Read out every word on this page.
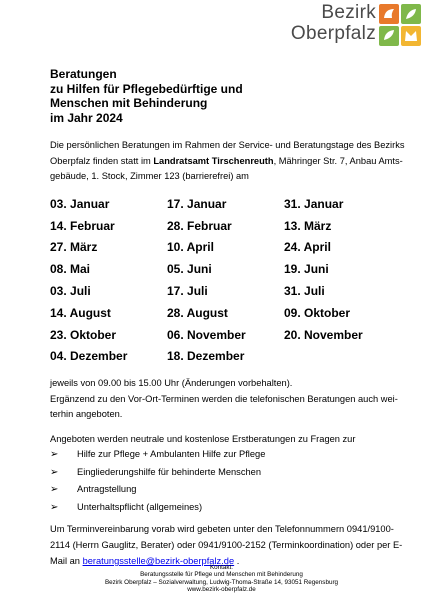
Bezirk
Oberpfalz
Beratungen
zu Hilfen für Pflegebedürftige und
Menschen mit Behinderung
im Jahr 2024
Die persönlichen Beratungen im Rahmen der Service- und Beratungstage des Bezirks Oberpfalz finden statt im Landratsamt Tirschenreuth, Mähringer Str. 7, Anbau Amts-gebäude, 1. Stock, Zimmer 123 (barrierefrei) am
03. Januar	17. Januar	31. Januar
14. Februar	28. Februar	13. März
27. März	10. April	24. April
08. Mai	05. Juni	19. Juni
03. Juli	17. Juli	31. Juli
14. August	28. August	09. Oktober
23. Oktober	06. November	20. November
04. Dezember	18. Dezember
jeweils von 09.00 bis 15.00 Uhr (Änderungen vorbehalten).
Ergänzend zu den Vor-Ort-Terminen werden die telefonischen Beratungen auch wei-
terhin angeboten.
Angeboten werden neutrale und kostenlose Erstberatungen zu Fragen zur
➢	Hilfe zur Pflege + Ambulanten Hilfe zur Pflege
➢	Eingliederungshilfe für behinderte Menschen
➢	Antragstellung
➢	Unterhaltspflicht (allgemeines)
Um Terminvereinbarung vorab wird gebeten unter den Telefonnummern 0941/9100-2114 (Herrn Gauglitz, Berater) oder 0941/9100-2152 (Terminkoordination) oder per E-Mail an beratungsstelle@bezirk-oberpfalz.de .
Kontakt:
Beratungsstelle für Pflege und Menschen mit Behinderung
Bezirk Oberpfalz – Sozialverwaltung, Ludwig-Thoma-Straße 14, 93051 Regensburg
www.bezirk-oberpfalz.de
